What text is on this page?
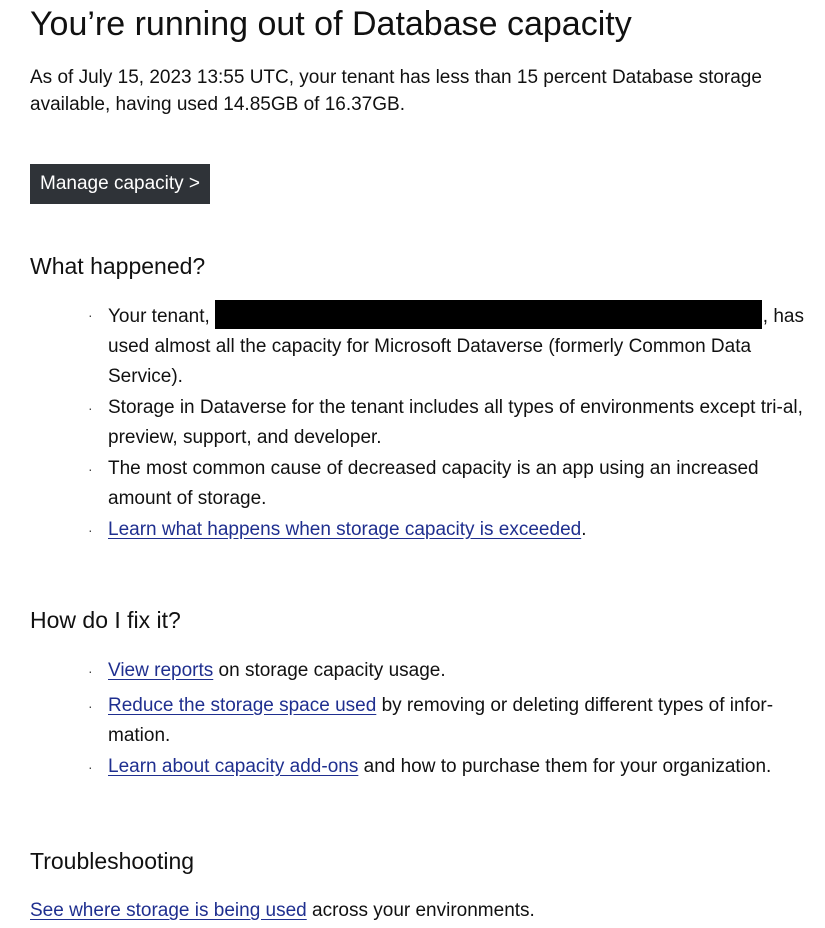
You’re running out of Database capacity

As of July 15, 2023 13:55 UTC, your tenant has less than 15 percent Database storage available, having used 14.85GB of 16.37GB.

Manage capacity >
What happened?
· Your tenant,	, has used almost all the capacity for Microsoft Dataverse (formerly Common Data Service).
· Storage in Dataverse for the tenant includes all types of environments except tri-al, preview, support, and developer.
· The most common cause of decreased capacity is an app using an increased amount of storage.
· Learn what happens when storage capacity is exceeded.
How do I fix it?
· View reports on storage capacity usage.
· Reduce the storage space used by removing or deleting different types of infor-mation.
· Learn about capacity add-ons and how to purchase them for your organization.
Troubleshooting

See where storage is being used across your environments.
